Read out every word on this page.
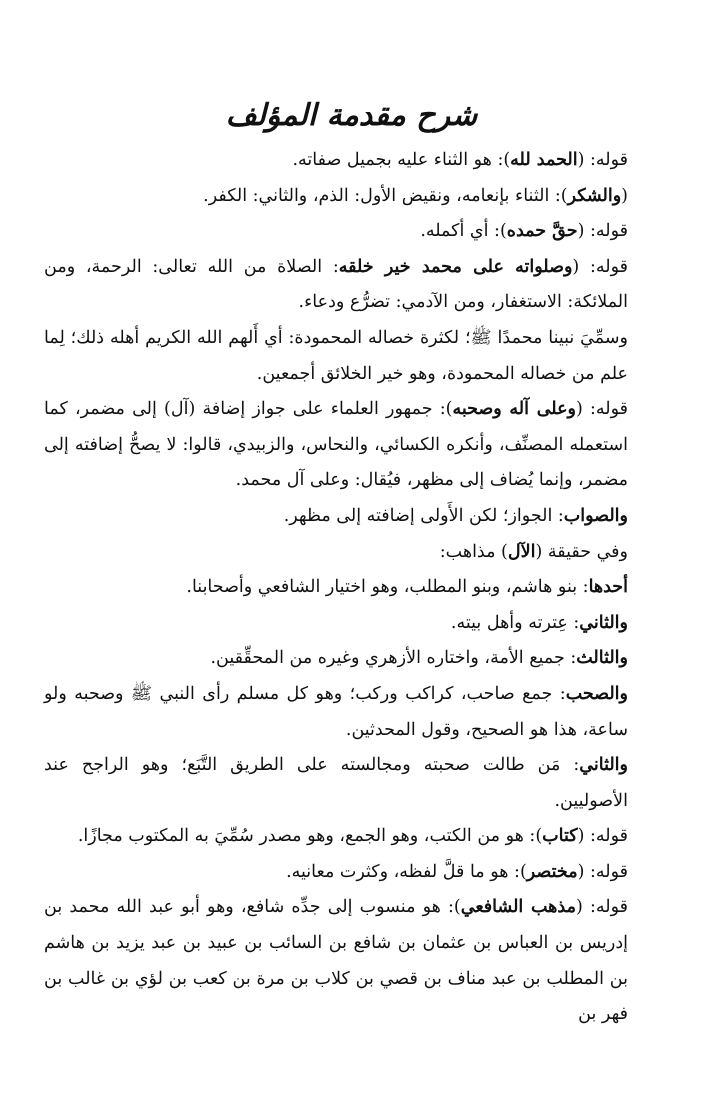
شرح مقدمة المؤلف

قوله: (الحمد لله): هو الثناء عليه بجميل صفاته.

(والشكر): الثناء بإنعامه، ونقيض الأول: الذم، والثاني: الكفر.

قوله: (حقَّ حمده): أي أكمله.

قوله: (وصلواته على محمد خير خلقه: الصلاة من الله تعالى: الرحمة، ومن الملائكة: الاستغفار، ومن الآدمي: تضرُّع ودعاء.

وسمِّيَ نبينا محمدًا ﷺ؛ لكثرة خصاله المحمودة: أي أَلهم الله الكريم أهله ذلك؛ لِما علم من خصاله المحمودة، وهو خير الخلائق أجمعين.

قوله: (وعلى آله وصحبه): جمهور العلماء على جواز إضافة (آل) إلى مضمر، كما استعمله المصنِّف، وأنكره الكسائي، والنحاس، والزبيدي، قالوا: لا يصحُّ إضافته إلى مضمر، وإنما يُضاف إلى مظهر، فيُقال: وعلى آل محمد.

والصواب: الجواز؛ لكن الأَولى إضافته إلى مظهر.

وفي حقيقة (الآل) مذاهب:

أحدها: بنو هاشم، وبنو المطلب، وهو اختيار الشافعي وأصحابنا.

والثاني: عِترته وأهل بيته.

والثالث: جميع الأمة، واختاره الأزهري وغيره من المحقِّقين.

والصحب: جمع صاحب، كراكب وركب؛ وهو كل مسلم رأى النبي ﷺ وصحبه ولو ساعة، هذا هو الصحيح، وقول المحدثين.

والثاني: مَن طالت صحبته ومجالسته على الطريق التَّبَع؛ وهو الراجح عند الأصوليين.

قوله: (كتاب): هو من الكتب، وهو الجمع، وهو مصدر سُمِّيَ به المكتوب مجازًا.

قوله: (مختصر): هو ما قلَّ لفظه، وكثرت معانيه.

قوله: (مذهب الشافعي): هو منسوب إلى جدِّه شافع، وهو أبو عبد الله محمد بن إدريس بن العباس بن عثمان بن شافع بن السائب بن عبيد بن عبد يزيد بن هاشم بن المطلب بن عبد مناف بن قصي بن كلاب بن مرة بن كعب بن لؤي بن غالب بن فهر بن
